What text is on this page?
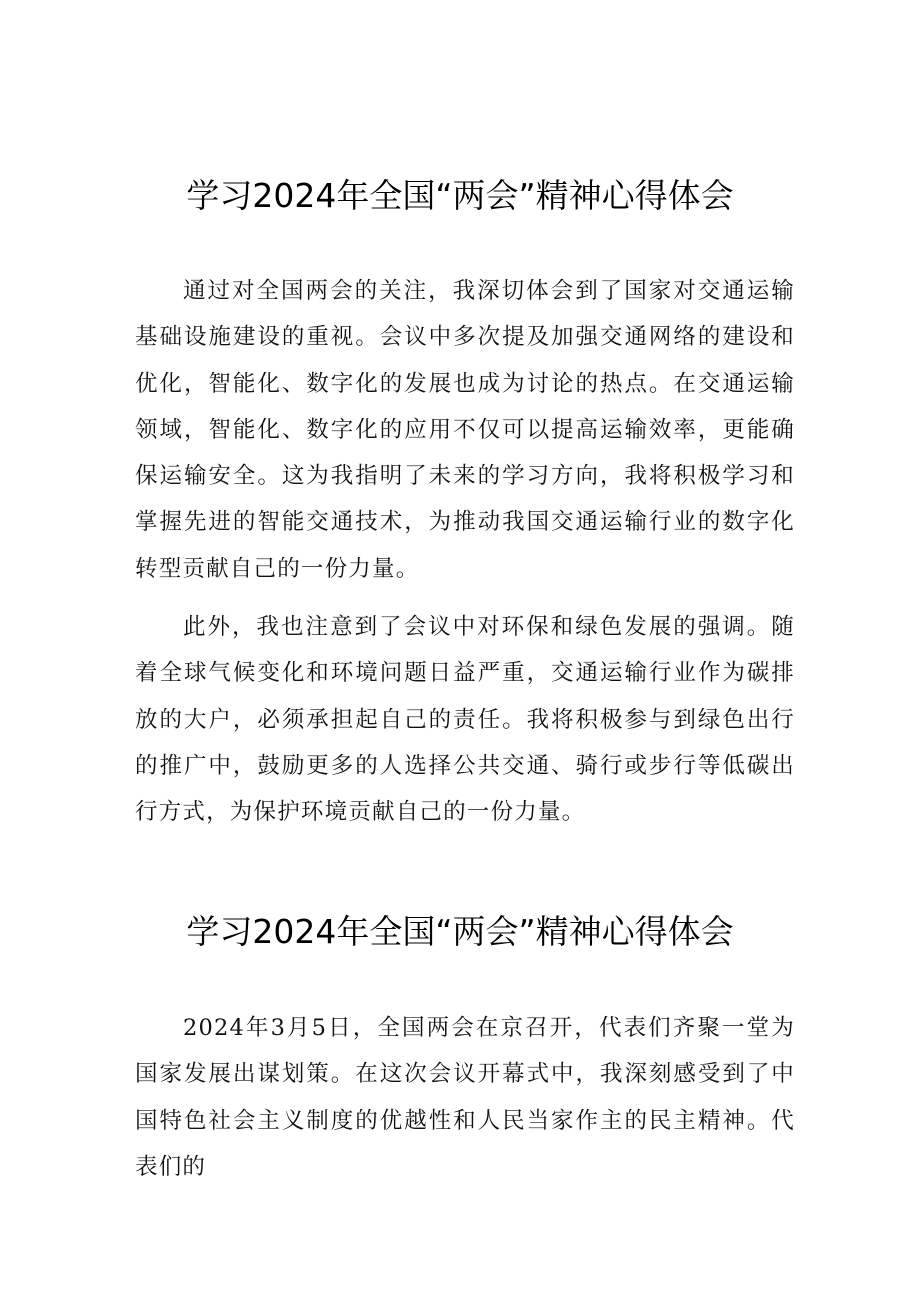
学习2024年全国“两会”精神心得体会

通过对全国两会的关注，我深切体会到了国家对交通运输基础设施建设的重视。会议中多次提及加强交通网络的建设和优化，智能化、数字化的发展也成为讨论的热点。在交通运输领域，智能化、数字化的应用不仅可以提高运输效率，更能确保运输安全。这为我指明了未来的学习方向，我将积极学习和掌握先进的智能交通技术，为推动我国交通运输行业的数字化转型贡献自己的一份力量。

此外，我也注意到了会议中对环保和绿色发展的强调。随着全球气候变化和环境问题日益严重，交通运输行业作为碳排放的大户，必须承担起自己的责任。我将积极参与到绿色出行的推广中，鼓励更多的人选择公共交通、骑行或步行等低碳出行方式，为保护环境贡献自己的一份力量。

学习2024年全国“两会”精神心得体会

2024年3月5日，全国两会在京召开，代表们齐聚一堂为国家发展出谋划策。在这次会议开幕式中，我深刻感受到了中国特色社会主义制度的优越性和人民当家作主的民主精神。代表们的
